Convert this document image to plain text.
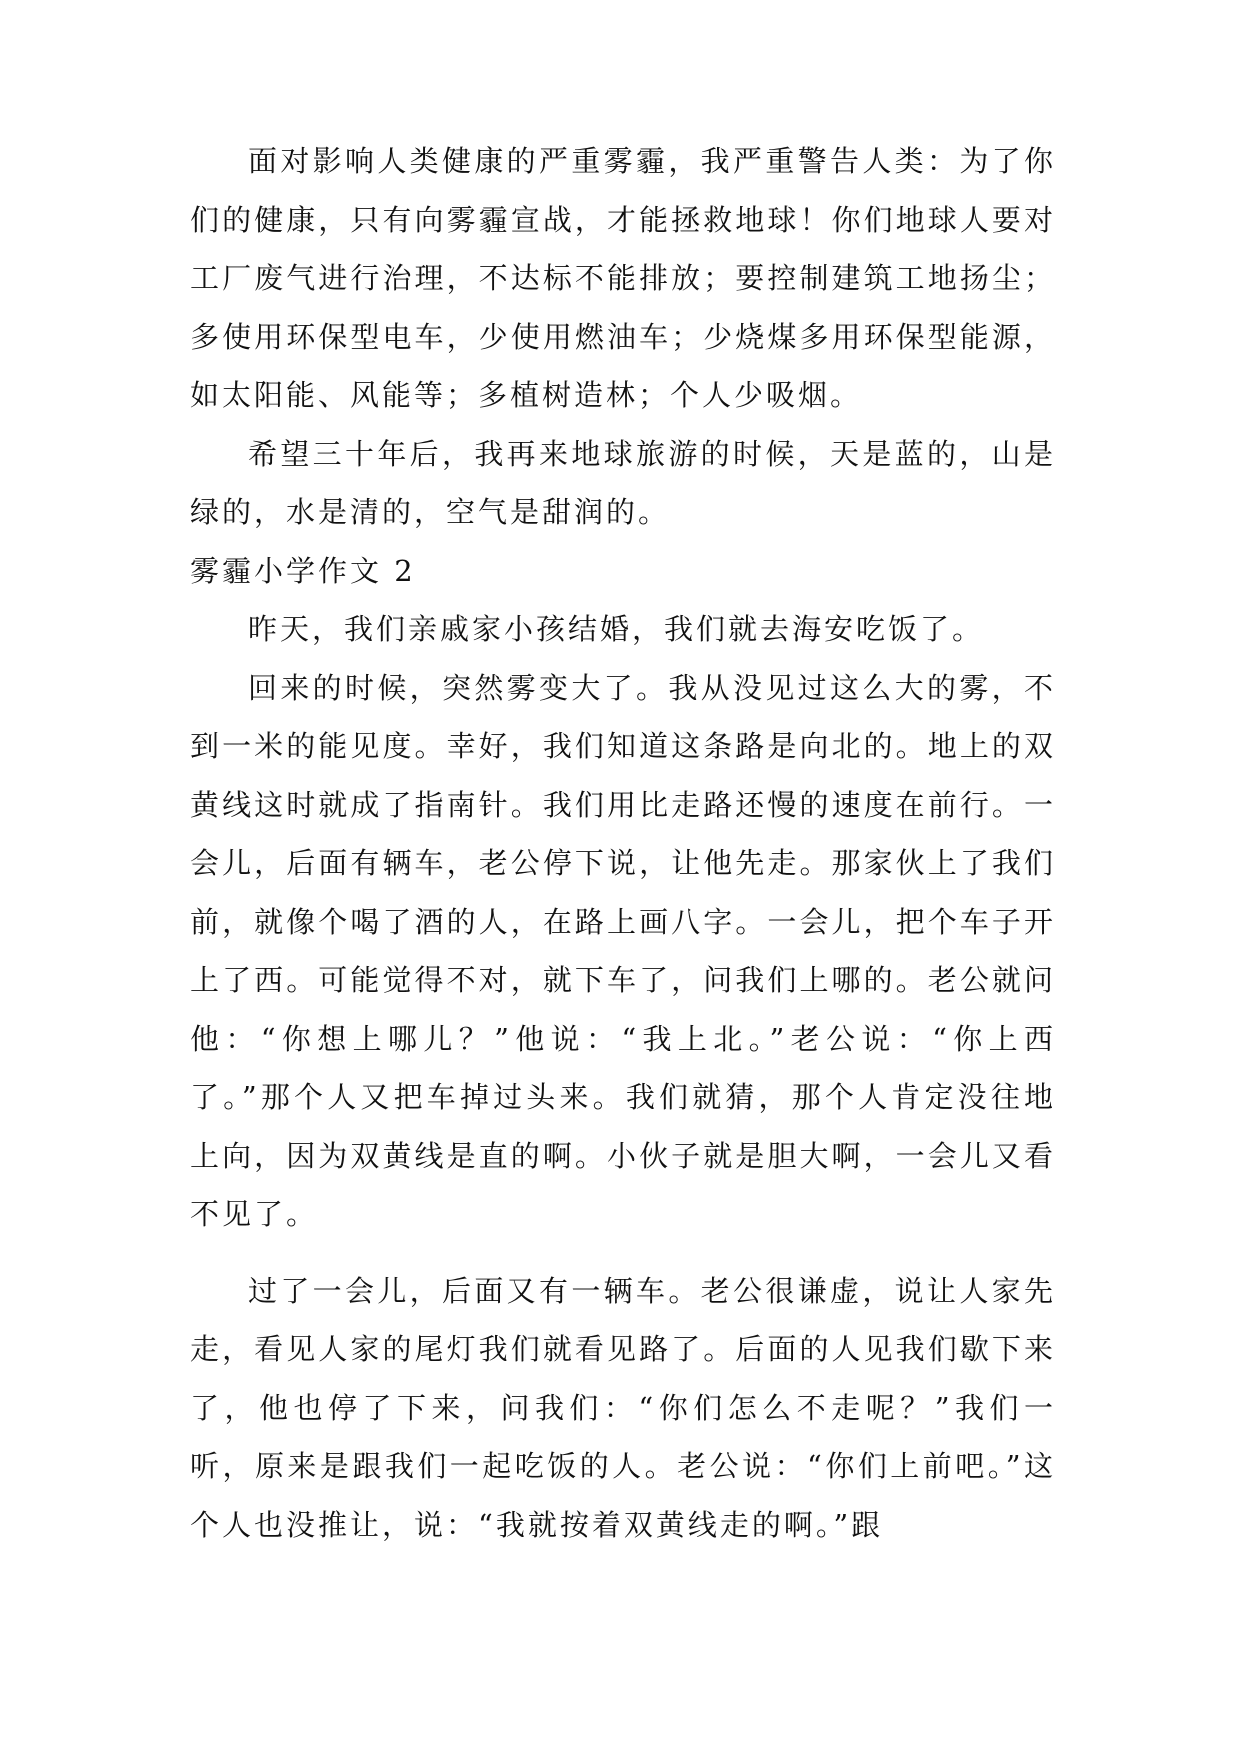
面对影响人类健康的严重雾霾，我严重警告人类：为了你们的健康，只有向雾霾宣战，才能拯救地球！你们地球人要对工厂废气进行治理，不达标不能排放；要控制建筑工地扬尘；多使用环保型电车，少使用燃油车；少烧煤多用环保型能源，如太阳能、风能等；多植树造林；个人少吸烟。

希望三十年后，我再来地球旅游的时候，天是蓝的，山是绿的，水是清的，空气是甜润的。

雾霾小学作文 2

昨天，我们亲戚家小孩结婚，我们就去海安吃饭了。

回来的时候，突然雾变大了。我从没见过这么大的雾，不到一米的能见度。幸好，我们知道这条路是向北的。地上的双黄线这时就成了指南针。我们用比走路还慢的速度在前行。一会儿，后面有辆车，老公停下说，让他先走。那家伙上了我们前，就像个喝了酒的人，在路上画八字。一会儿，把个车子开上了西。可能觉得不对，就下车了，问我们上哪的。老公就问他：“你想上哪儿？”他说：“我上北。”老公说：“你上西了。”那个人又把车掉过头来。我们就猜，那个人肯定没往地上向，因为双黄线是直的啊。小伙子就是胆大啊，一会儿又看不见了。

过了一会儿，后面又有一辆车。老公很谦虚，说让人家先走，看见人家的尾灯我们就看见路了。后面的人见我们歇下来了，他也停了下来，问我们：“你们怎么不走呢？”我们一听，原来是跟我们一起吃饭的人。老公说：“你们上前吧。”这个人也没推让，说：“我就按着双黄线走的啊。”跟
